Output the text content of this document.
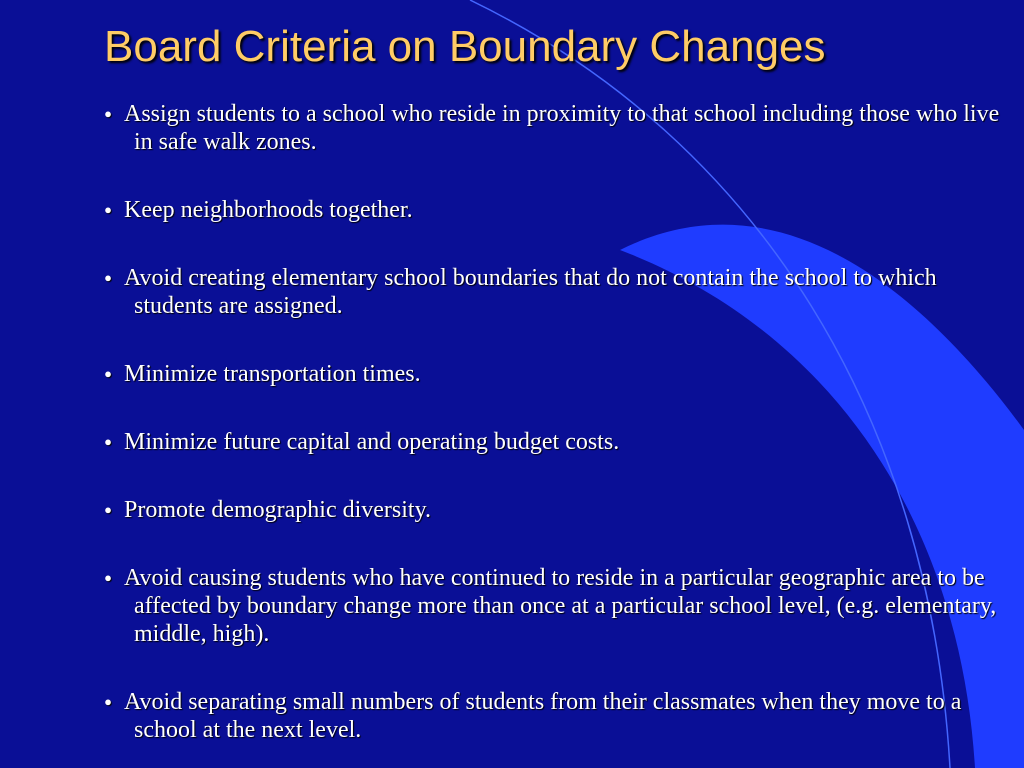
Board Criteria on Boundary Changes
● Assign students to a school who reside in proximity to that school including those who live in safe walk zones.
● Keep neighborhoods together.
● Avoid creating elementary school boundaries that do not contain the school to which students are assigned.
● Minimize transportation times.
● Minimize future capital and operating budget costs.
● Promote demographic diversity.
● Avoid causing students who have continued to reside in a particular geographic area to be affected by boundary change more than once at a particular school level, (e.g. elementary, middle, high).
● Avoid separating small numbers of students from their classmates when they move to a school at the next level.
